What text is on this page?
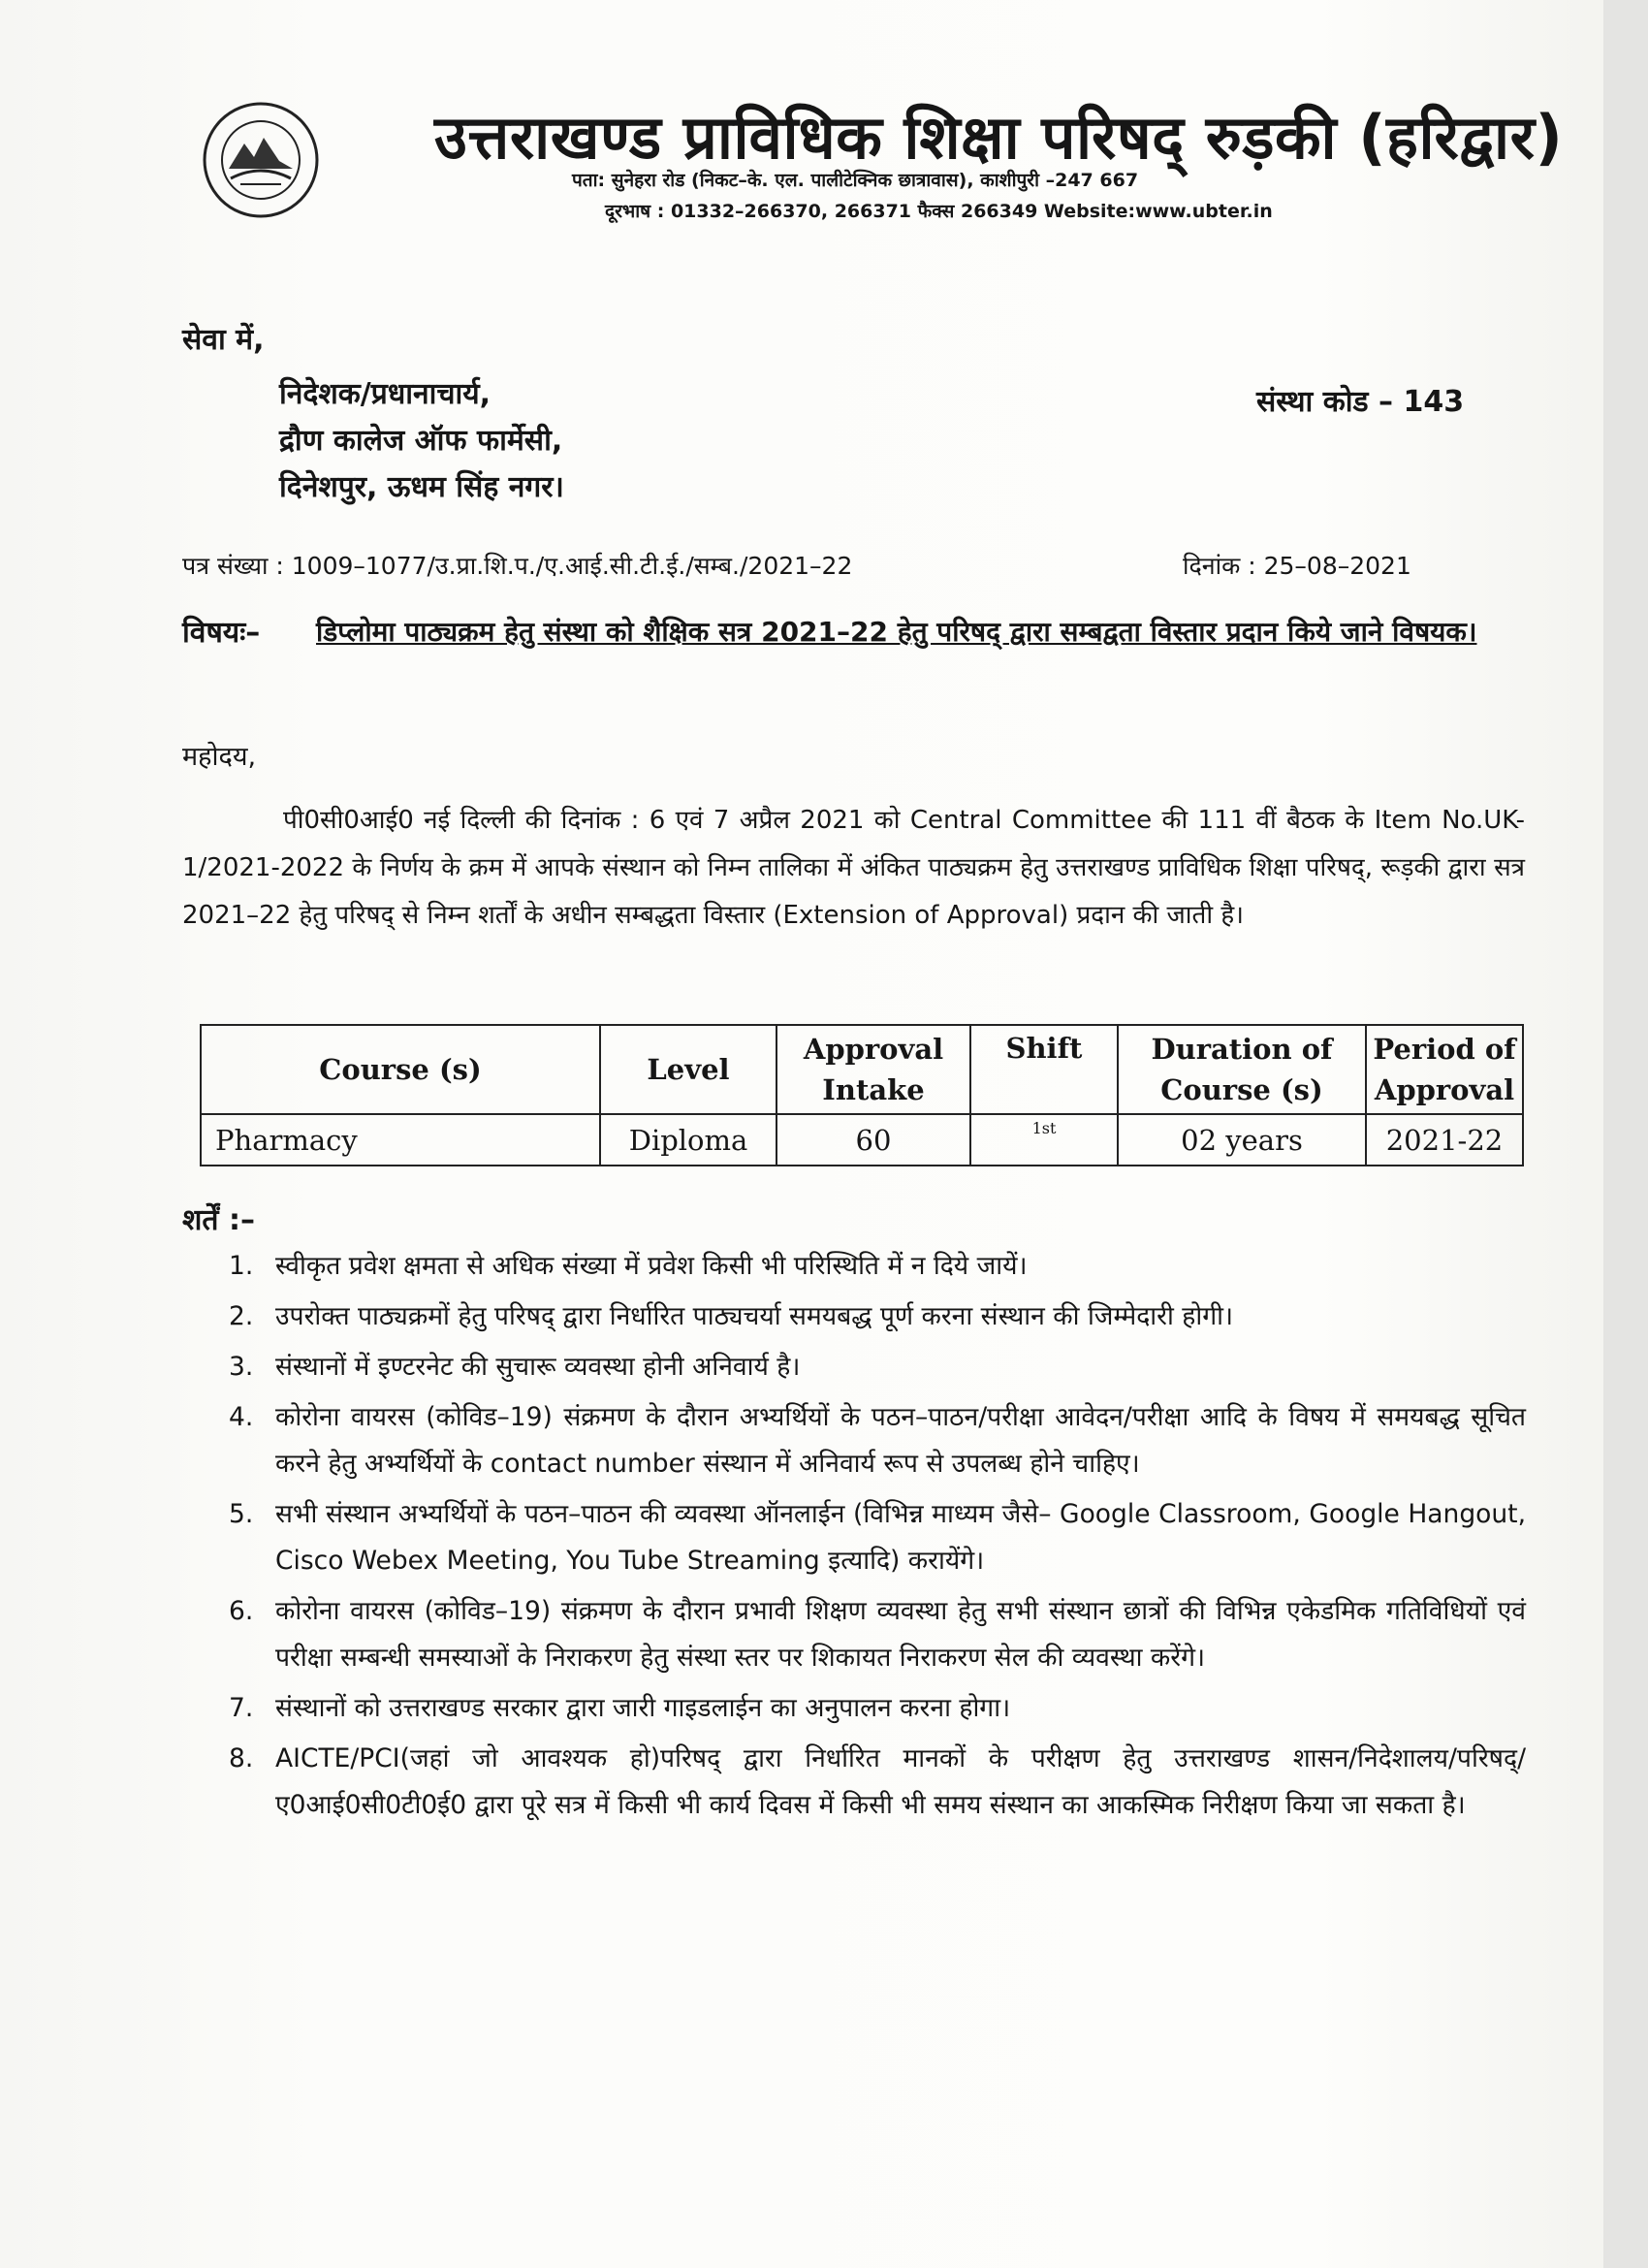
उत्तराखण्ड प्राविधिक शिक्षा परिषद् रुड़की (हरिद्वार)
पता: सुनेहरा रोड (निकट–के. एल. पालीटेक्निक छात्रावास), काशीपुरी –247 667
दूरभाष : 01332–266370, 266371 फैक्स 266349 Website:www.ubter.in
सेवा में,
निदेशक/प्रधानाचार्य,
द्रौण कालेज ऑफ फार्मेसी,
दिनेशपुर, ऊधम सिंह नगर।
संस्था कोड – 143
पत्र संख्या : 1009–1077/उ.प्रा.शि.प./ए.आई.सी.टी.ई./सम्ब./2021–22	दिनांक : 25–08–2021
विषयः– डिप्लोमा पाठ्यक्रम हेतु संस्था को शैक्षिक सत्र 2021–22 हेतु परिषद् द्वारा सम्बद्वता विस्तार प्रदान किये जाने विषयक।
महोदय,
पी0सी0आई0 नई दिल्ली की दिनांक : 6 एवं 7 अप्रैल 2021 को Central Committee की 111 वीं बैठक के Item No.UK-1/2021-2022 के निर्णय के क्रम में आपके संस्थान को निम्न तालिका में अंकित पाठ्यक्रम हेतु उत्तराखण्ड प्राविधिक शिक्षा परिषद्, रूड़की द्वारा सत्र 2021–22 हेतु परिषद् से निम्न शर्तों के अधीन सम्बद्धता विस्तार (Extension of Approval) प्रदान की जाती है।
Course (s)	Level	Approval Intake	Shift	Duration of Course (s)	Period of Approval
Pharmacy	Diploma	60	1st	02 years	2021-22
शर्तें :–
1. स्वीकृत प्रवेश क्षमता से अधिक संख्या में प्रवेश किसी भी परिस्थिति में न दिये जायें।
2. उपरोक्त पाठ्यक्रमों हेतु परिषद् द्वारा निर्धारित पाठ्यचर्या समयबद्ध पूर्ण करना संस्थान की जिम्मेदारी होगी।
3. संस्थानों में इण्टरनेट की सुचारू व्यवस्था होनी अनिवार्य है।
4. कोरोना वायरस (कोविड–19) संक्रमण के दौरान अभ्यर्थियों के पठन–पाठन/परीक्षा आवेदन/परीक्षा आदि के विषय में समयबद्ध सूचित करने हेतु अभ्यर्थियों के contact number संस्थान में अनिवार्य रूप से उपलब्ध होने चाहिए।
5. सभी संस्थान अभ्यर्थियों के पठन–पाठन की व्यवस्था ऑनलाईन (विभिन्न माध्यम जैसे– Google Classroom, Google Hangout, Cisco Webex Meeting, You Tube Streaming इत्यादि) करायेंगे।
6. कोरोना वायरस (कोविड–19) संक्रमण के दौरान प्रभावी शिक्षण व्यवस्था हेतु सभी संस्थान छात्रों की विभिन्न एकेडमिक गतिविधियों एवं परीक्षा सम्बन्धी समस्याओं के निराकरण हेतु संस्था स्तर पर शिकायत निराकरण सेल की व्यवस्था करेंगे।
7. संस्थानों को उत्तराखण्ड सरकार द्वारा जारी गाइडलाईन का अनुपालन करना होगा।
8. AICTE/PCI(जहां जो आवश्यक हो)परिषद् द्वारा निर्धारित मानकों के परीक्षण हेतु उत्तराखण्ड शासन/निदेशालय/परिषद्/ए0आई0सी0टी0ई0 द्वारा पूरे सत्र में किसी भी कार्य दिवस में किसी भी समय संस्थान का आकस्मिक निरीक्षण किया जा सकता है।
